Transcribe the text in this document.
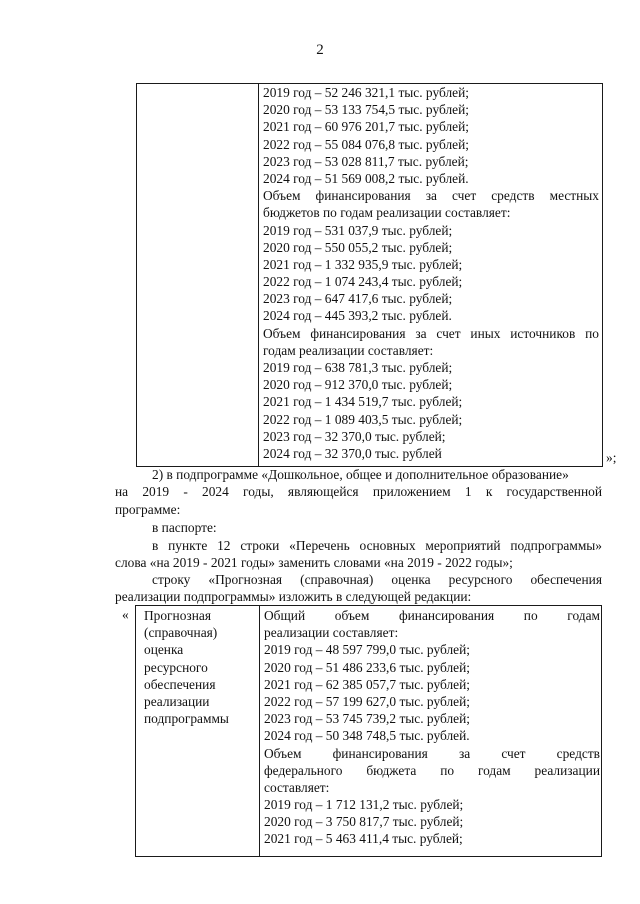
2
2019 год – 52 246 321,1 тыс. рублей;
2020 год – 53 133 754,5 тыс. рублей;
2021 год – 60 976 201,7 тыс. рублей;
2022 год – 55 084 076,8 тыс. рублей;
2023 год – 53 028 811,7 тыс. рублей;
2024 год – 51 569 008,2 тыс. рублей.
Объем финансирования за счет средств местных
бюджетов по годам реализации составляет:
2019 год – 531 037,9 тыс. рублей;
2020 год – 550 055,2 тыс. рублей;
2021 год – 1 332 935,9 тыс. рублей;
2022 год – 1 074 243,4 тыс. рублей;
2023 год – 647 417,6 тыс. рублей;
2024 год – 445 393,2 тыс. рублей.
Объем финансирования за счет иных источников по
годам реализации составляет:
2019 год – 638 781,3 тыс. рублей;
2020 год – 912 370,0 тыс. рублей;
2021 год – 1 434 519,7 тыс. рублей;
2022 год – 1 089 403,5 тыс. рублей;
2023 год – 32 370,0 тыс. рублей;
2024 год – 32 370,0 тыс. рублей	»;
2) в подпрограмме «Дошкольное, общее и дополнительное образование»
на 2019 - 2024 годы, являющейся приложением 1 к государственной
программе:
в паспорте:
в пункте 12 строки «Перечень основных мероприятий подпрограммы»
слова «на 2019 - 2021 годы» заменить словами «на 2019 - 2022 годы»;
строку «Прогнозная (справочная) оценка ресурсного обеспечения
реализации подпрограммы» изложить в следующей редакции:
« Прогнозная
(справочная)
оценка
ресурсного
обеспечения
реализации
подпрограммы
Общий объем финансирования по годам
реализации составляет:
2019 год – 48 597 799,0 тыс. рублей;
2020 год – 51 486 233,6 тыс. рублей;
2021 год – 62 385 057,7 тыс. рублей;
2022 год – 57 199 627,0 тыс. рублей;
2023 год – 53 745 739,2 тыс. рублей;
2024 год – 50 348 748,5 тыс. рублей.
Объем финансирования за счет средств
федерального бюджета по годам реализации
составляет:
2019 год – 1 712 131,2 тыс. рублей;
2020 год – 3 750 817,7 тыс. рублей;
2021 год – 5 463 411,4 тыс. рублей;
